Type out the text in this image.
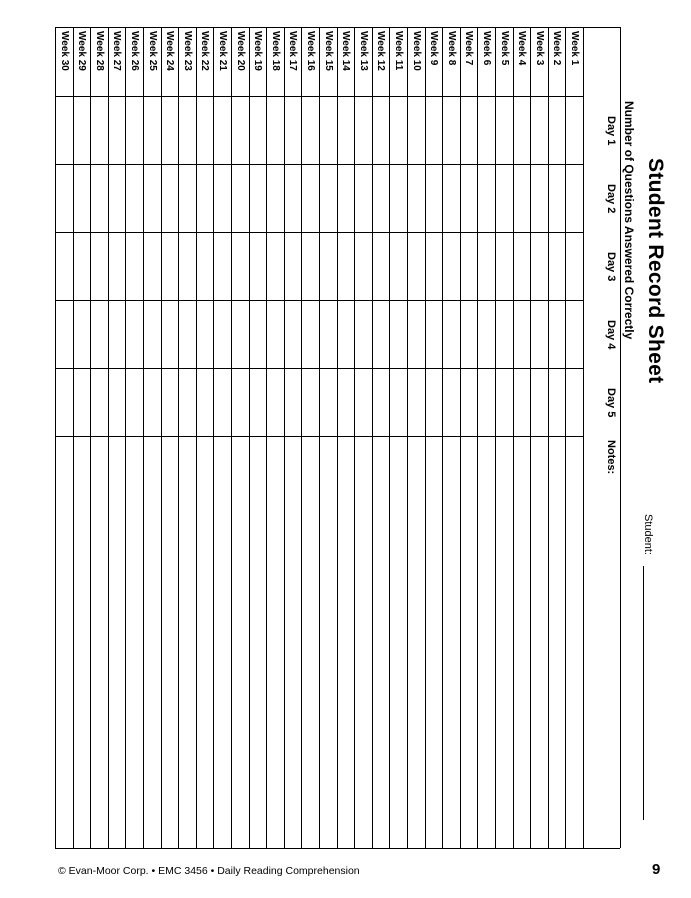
Student Record Sheet
Number of Questions Answered Correctly
Student:
Day 1
Day 2
Day 3
Day 4
Day 5
Notes:
Week 1
Week 2
Week 3
Week 4
Week 5
Week 6
Week 7
Week 8
Week 9
Week 10
Week 11
Week 12
Week 13
Week 14
Week 15
Week 16
Week 17
Week 18
Week 19
Week 20
Week 21
Week 22
Week 23
Week 24
Week 25
Week 26
Week 27
Week 28
Week 29
Week 30
© Evan-Moor Corp. • EMC 3456 • Daily Reading Comprehension	9
